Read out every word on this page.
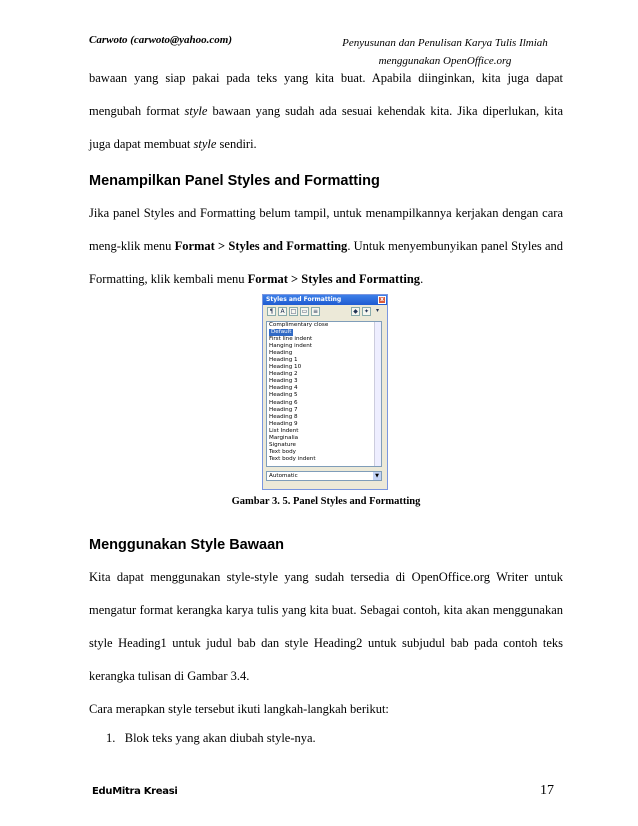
Carwoto (carwoto@yahoo.com)	Penyusunan dan Penulisan Karya Tulis Ilmiah
menggunakan OpenOffice.org
bawaan yang siap pakai pada teks yang kita buat. Apabila diinginkan, kita juga dapat
mengubah format style bawaan yang sudah ada sesuai kehendak kita. Jika diperlukan, kita
juga dapat membuat style sendiri.
Menampilkan Panel Styles and Formatting
Jika panel Styles and Formatting belum tampil, untuk menampilkannya kerjakan dengan cara
meng-klik menu Format > Styles and Formatting. Untuk menyembunyikan panel Styles and
Formatting, klik kembali menu Format > Styles and Formatting.
Styles and Formatting	x
¶	A	□ ▭ ≡	◆	✦	▾
Complimentary close
Default
First line indent
Hanging indent
Heading
Heading 1
Heading 10
Heading 2
Heading 3
Heading 4
Heading 5
Heading 6
Heading 7
Heading 8
Heading 9
List Indent
Marginalia
Signature
Text body
Text body indent
Automatic	▼
Gambar 3. 5. Panel Styles and Formatting
Menggunakan Style Bawaan
Kita dapat menggunakan style-style yang sudah tersedia di OpenOffice.org Writer untuk
mengatur format kerangka karya tulis yang kita buat. Sebagai contoh, kita akan menggunakan
style Heading1 untuk judul bab dan style Heading2 untuk subjudul bab pada contoh teks
kerangka tulisan di Gambar 3.4.
Cara merapkan style tersebut ikuti langkah-langkah berikut:
1. Blok teks yang akan diubah style-nya.
EduMitra Kreasi	17
